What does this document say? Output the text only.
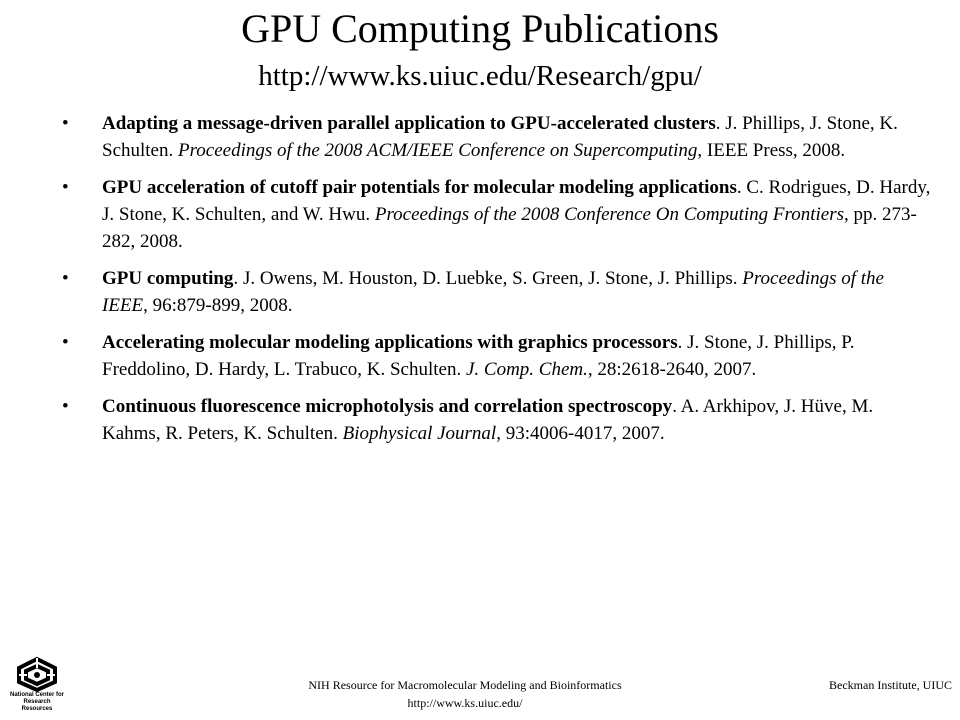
GPU Computing Publications
http://www.ks.uiuc.edu/Research/gpu/
• Adapting a message-driven parallel application to GPU-accelerated clusters. J. Phillips, J. Stone, K. Schulten. Proceedings of the 2008 ACM/IEEE Conference on Supercomputing, IEEE Press, 2008.
• GPU acceleration of cutoff pair potentials for molecular modeling applications. C. Rodrigues, D. Hardy, J. Stone, K. Schulten, and W. Hwu. Proceedings of the 2008 Conference On Computing Frontiers, pp. 273-282, 2008.
• GPU computing. J. Owens, M. Houston, D. Luebke, S. Green, J. Stone, J. Phillips. Proceedings of the IEEE, 96:879-899, 2008.
• Accelerating molecular modeling applications with graphics processors. J. Stone, J. Phillips, P. Freddolino, D. Hardy, L. Trabuco, K. Schulten. J. Comp. Chem., 28:2618-2640, 2007.
• Continuous fluorescence microphotolysis and correlation spectroscopy. A. Arkhipov, J. Hüve, M. Kahms, R. Peters, K. Schulten. Biophysical Journal, 93:4006-4017, 2007.
National Center for Research Resources
NIH Resource for Macromolecular Modeling and Bioinformatics
http://www.ks.uiuc.edu/
Beckman Institute, UIUC
